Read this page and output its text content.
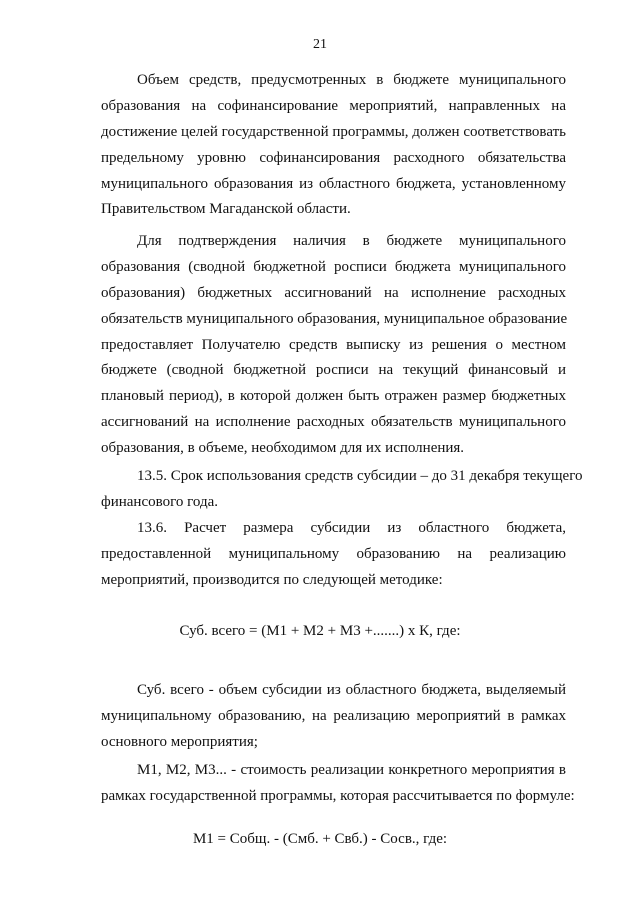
21
Объем средств, предусмотренных в бюджете муниципального
образования на софинансирование мероприятий, направленных на
достижение целей государственной программы, должен соответствовать
предельному уровню софинансирования расходного обязательства
муниципального образования из областного бюджета, установленному
Правительством Магаданской области.
Для подтверждения наличия в бюджете муниципального
образования (сводной бюджетной росписи бюджета муниципального
образования) бюджетных ассигнований на исполнение расходных
обязательств муниципального образования, муниципальное образование
предоставляет Получателю средств выписку из решения о местном
бюджете (сводной бюджетной росписи на текущий финансовый и
плановый период), в которой должен быть отражен размер бюджетных
ассигнований на исполнение расходных обязательств муниципального
образования, в объеме, необходимом для их исполнения.
13.5. Срок использования средств субсидии – до 31 декабря текущего
финансового года.
13.6. Расчет размера субсидии из областного бюджета,
предоставленной муниципальному образованию на реализацию
мероприятий, производится по следующей методике:
Суб. всего = (М1 + М2 + М3 +.......) х К, где:
Суб. всего - объем субсидии из областного бюджета, выделяемый
муниципальному образованию, на реализацию мероприятий в рамках
основного мероприятия;
М1, М2, М3... - стоимость реализации конкретного мероприятия в
рамках государственной программы, которая рассчитывается по формуле:
М1 = Собщ. - (Смб. + Свб.) - Сосв., где:
